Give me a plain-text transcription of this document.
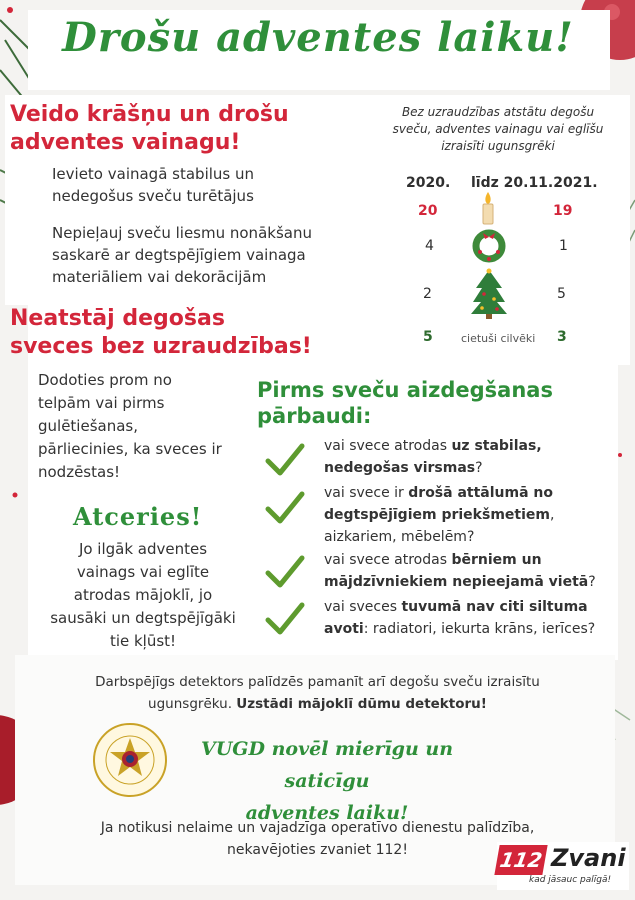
Drošu adventes laiku!
Veido krāšņu un drošu
adventes vainagu!
Ievieto vainagā stabilus un
nedegošus sveču turētājus
Nepieļauj sveču liesmu nonākšanu
saskarē ar degtspējīgiem vainaga
materiāliem vai dekorācijām
Bez uzraudzības atstātu degošu
sveču, adventes vainagu vai eglīšu
izraisīti ugunsgrēki
2020. līdz 20.11.2021.
20	19
4	1
2	5
5	cietuši cilvēki 3
Neatstāj degošas
sveces bez uzraudzības!
Dodoties prom no
telpām vai pirms
gulētiešanas,
pārliecinies, ka sveces ir
nodzēstas!
Atceries!
Jo ilgāk adventes
vainags vai eglīte
atrodas mājoklī, jo
sausāki un degtspējīgāki
tie kļūst!
Pirms sveču aizdegšanas
pārbaudi:
vai svece atrodas uz stabilas,
nedegošas virsmas?
vai svece ir drošā attālumā no
degtspējīgiem priekšmetiem,
aizkariem, mēbelēm?
vai svece atrodas bērniem un
mājdzīvniekiem nepieejamā vietā?
vai sveces tuvumā nav citi siltuma
avoti: radiatori, iekurta krāns, ierīces?
Darbspējīgs detektors palīdzēs pamanīt arī degošu sveču izraisītu
ugunsgrēku. Uzstādi mājoklī dūmu detektoru!
VUGD novēl mierīgu un saticīgu
adventes laiku!
Ja notikusi nelaime un vajadzīga operatīvo dienestu palīdzība,
nekavējoties zvaniet 112!	112 Zvani
kad jāsauc palīgā!
